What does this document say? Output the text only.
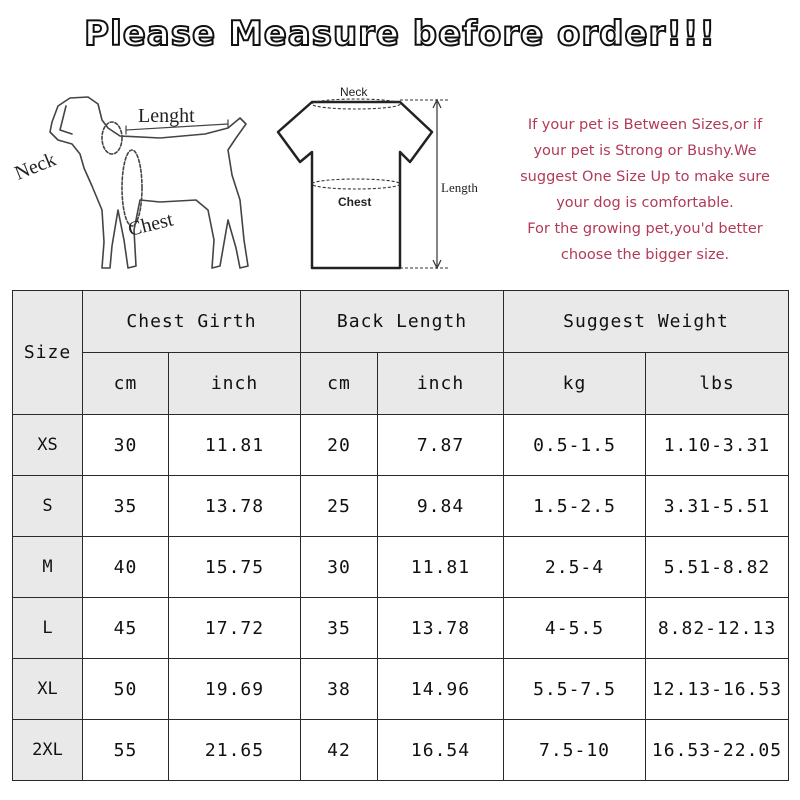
Please Measure before order!!!
Neck
Lenght
Chest
Neck
Chest
Length
If your pet is Between Sizes,or if
your pet is Strong or Bushy.We
suggest One Size Up to make sure
your dog is comfortable.
For the growing pet,you'd better
choose the bigger size.
Size	Chest Girth		Back Length		Suggest Weight	
	cm	inch	cm	inch	kg	lbs
XS	30	11.81	20	7.87	0.5-1.5	1.10-3.31
S	35	13.78	25	9.84	1.5-2.5	3.31-5.51
M	40	15.75	30	11.81	2.5-4	5.51-8.82
L	45	17.72	35	13.78	4-5.5	8.82-12.13
XL	50	19.69	38	14.96	5.5-7.5	12.13-16.53
2XL	55	21.65	42	16.54	7.5-10	16.53-22.05
